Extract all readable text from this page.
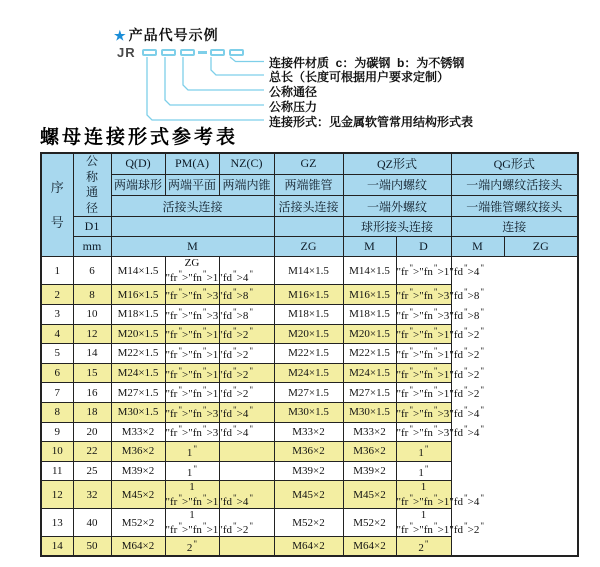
★ 产品代号示例
JR
连接件材质  c：为碳钢  b：为不锈钢
总长（长度可根据用户要求定制）
公称通径
公称压力
连接形式：见金属软管常用结构形式表
螺母连接形式参考表
序号	公称通径	Q(D)	PM(A)	NZ(C)	GZ	QZ形式		QG形式	
		两端球形	两端平面	两端内锥	两端锥管	一端内螺纹		一端内螺纹活接头	
		活接头连接			活接头连接	一端外螺纹		一端锥管螺纹接头	
	D1					球形接头连接		连接	
	mm	M			ZG	M	D	M	ZG
1	6	M14×1.5	ZG "fr">"fn">1"fd">4"		M14×1.5	M14×1.5	"fr">"fn">1"fd">4"
2	8	M16×1.5	"fr">"fn">3" " "		M16×1.5	M16×1.5	"fr">"fn">3"fd">8"
3	10	M18×1.5	"fr">"fn">3"fd">8"		M18×1.5	M18×1.5	"fr">"fn">3"fd">8"
4	12	M20×1.5	"fr">"fn">1" " "		M20×1.5	M20×1.5	"fr">"fn">1"fd">2"
5	14	M22×1.5	"fr">"fn">1"fd">2"		M22×1.5	M22×1.5	"fr">"fn">1"fd">2"
6	15	M24×1.5	"fr">"fn">1" " "		M24×1.5	M24×1.5	"fr">"fn">1"fd">2"
7	16	M27×1.5	"fr">"fn">1"fd">2"		M27×1.5	M27×1.5	"fr">"fn">1"fd">2"
8	18	M30×1.5	"fr">"fn">3" " "		M30×1.5	M30×1.5	"fr">"fn">3"fd">4"
9	20	M33×2	"fr">"fn">3"fd">4"		M33×2	M33×2	"fr">"fn">3"fd">4"
10	22	M36×2	1"		M36×2	M36×2	1"
11	25	M39×2	1"		M39×2	M39×2	1"
12	32	M45×2	1 "fr">"fn">1" " "		M45×2	M45×2	1 "fr">"fn">1"fd">4"
13	40	M52×2	1 "fr">"fn">1"fd">2"		M52×2	M52×2	1 "fr">"fn">1"fd">2"
14	50	M64×2	2"		M64×2	M64×2	2"
